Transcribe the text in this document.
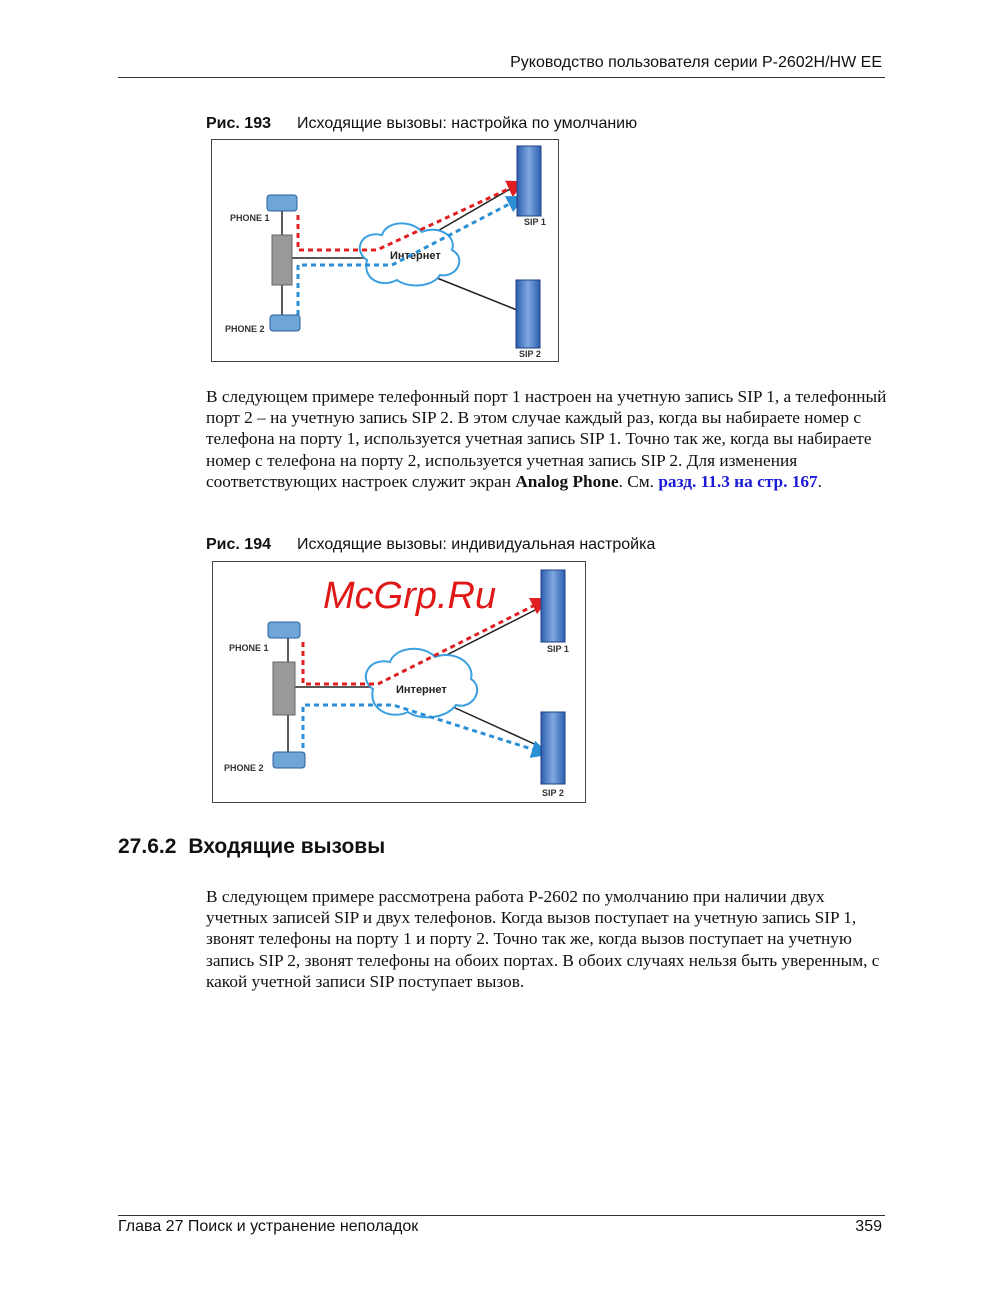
Руководство пользователя серии P-2602H/HW EE
Рис. 193 Исходящие вызовы: настройка по умолчанию
Интернет
PHONE 1
PHONE 2
SIP 1
SIP 2
В следующем примере телефонный порт 1 настроен на учетную запись SIP 1, а телефонный порт 2 – на учетную запись SIP 2. В этом случае каждый раз, когда вы набираете номер с телефона на порту 1, используется учетная запись SIP 1. Точно так же, когда вы набираете номер с телефона на порту 2, используется учетная запись SIP 2. Для изменения соответствующих настроек служит экран Analog Phone. См. разд. 11.3 на стр. 167.
Рис. 194 Исходящие вызовы: индивидуальная настройка
Интернет
PHONE 1
PHONE 2
SIP 1
SIP 2
McGrp.Ru
27.6.2 Входящие вызовы
В следующем примере рассмотрена работа P-2602 по умолчанию при наличии двух учетных записей SIP и двух телефонов. Когда вызов поступает на учетную запись SIP 1, звонят телефоны на порту 1 и порту 2. Точно так же, когда вызов поступает на учетную запись SIP 2, звонят телефоны на обоих портах. В обоих случаях нельзя быть уверенным, с какой учетной записи SIP поступает вызов.
Глава 27 Поиск и устранение неполадок	359
